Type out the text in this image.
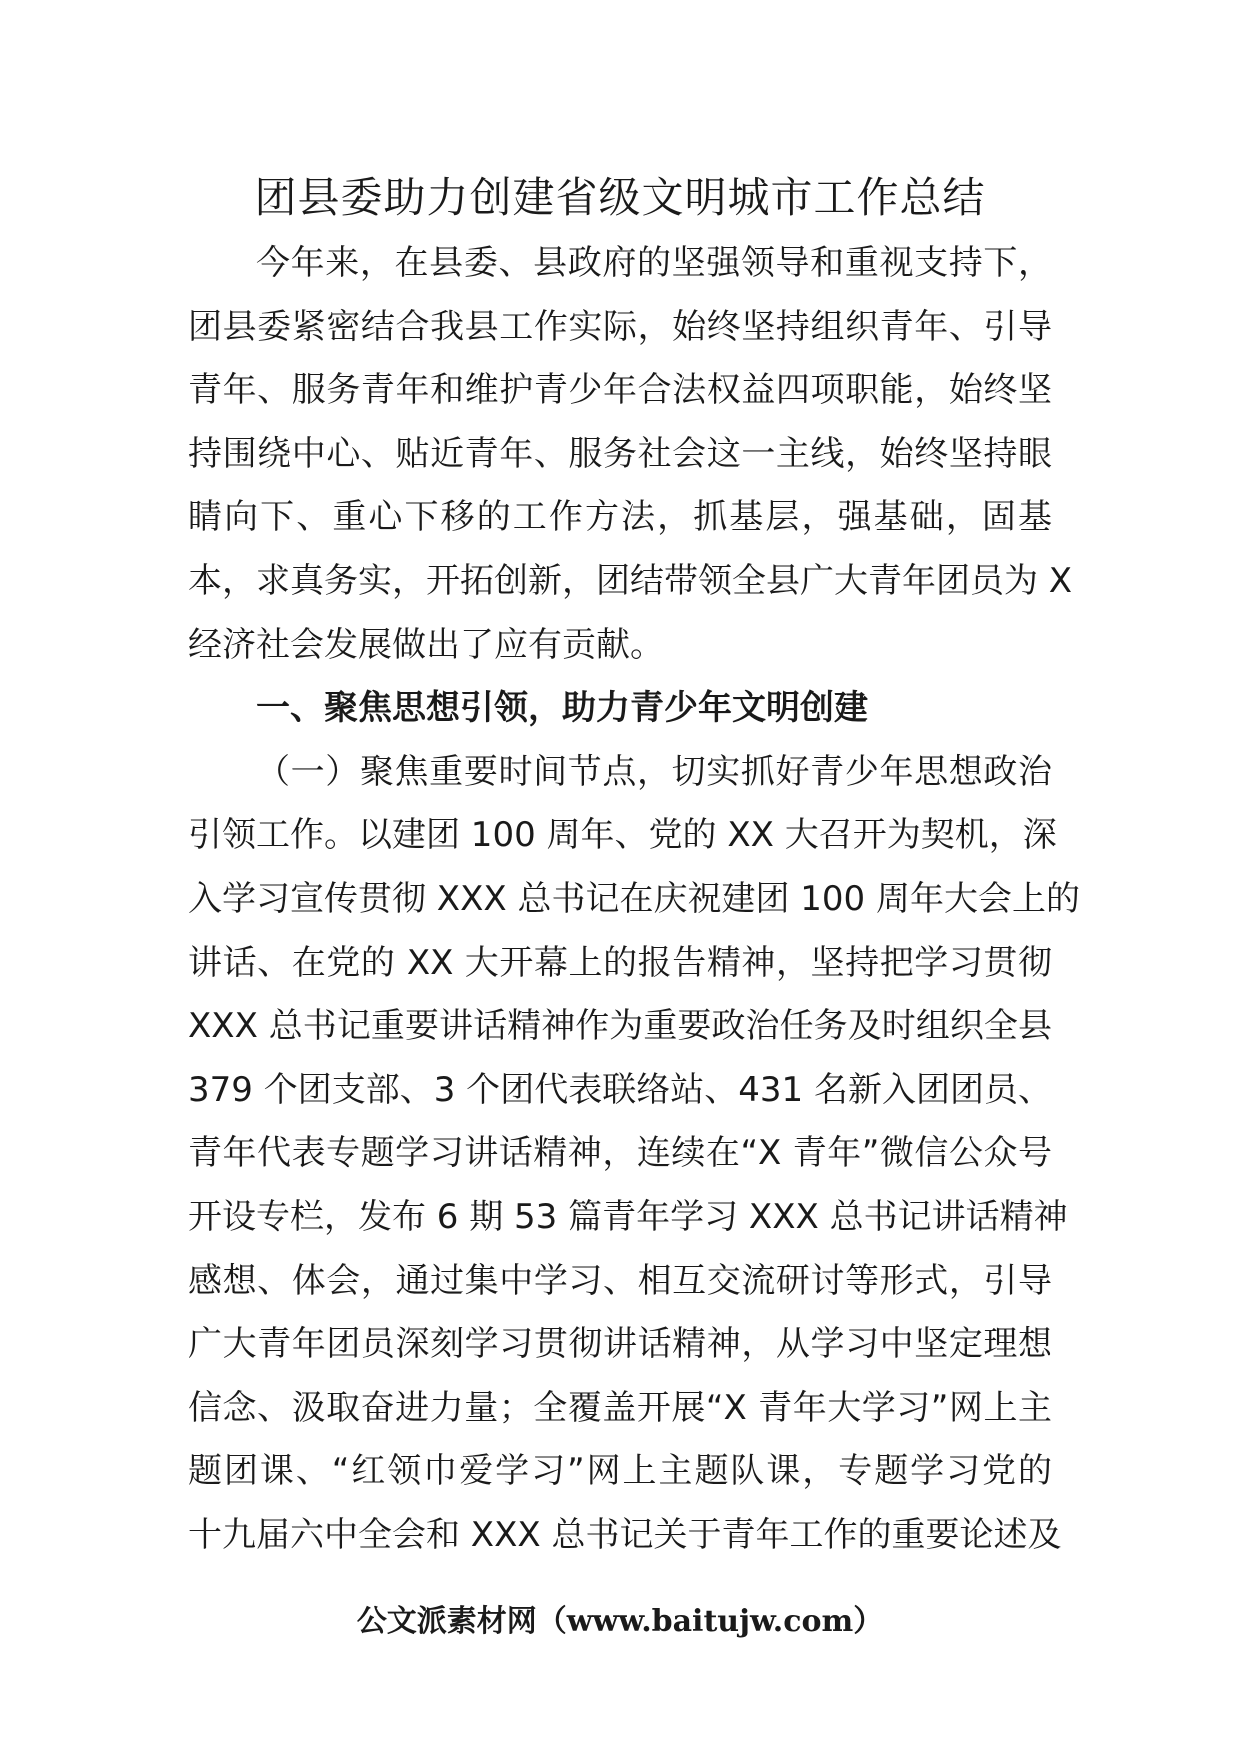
团县委助力创建省级文明城市工作总结
今年来，在县委、县政府的坚强领导和重视支持下，
团县委紧密结合我县工作实际，始终坚持组织青年、引导
青年、服务青年和维护青少年合法权益四项职能，始终坚
持围绕中心、贴近青年、服务社会这一主线，始终坚持眼
睛向下、重心下移的工作方法，抓基层，强基础，固基
本，求真务实，开拓创新，团结带领全县广大青年团员为 X
经济社会发展做出了应有贡献。
一、聚焦思想引领，助力青少年文明创建
（一）聚焦重要时间节点，切实抓好青少年思想政治
引领工作。以建团 100 周年、党的 XX 大召开为契机，深
入学习宣传贯彻 XXX 总书记在庆祝建团 100 周年大会上的
讲话、在党的 XX 大开幕上的报告精神，坚持把学习贯彻
XXX 总书记重要讲话精神作为重要政治任务及时组织全县
379 个团支部、3 个团代表联络站、431 名新入团团员、
青年代表专题学习讲话精神，连续在“X 青年”微信公众号
开设专栏，发布 6 期 53 篇青年学习 XXX 总书记讲话精神
感想、体会，通过集中学习、相互交流研讨等形式，引导
广大青年团员深刻学习贯彻讲话精神，从学习中坚定理想
信念、汲取奋进力量；全覆盖开展“X 青年大学习”网上主
题团课、“红领巾爱学习”网上主题队课，专题学习党的
十九届六中全会和 XXX 总书记关于青年工作的重要论述及
公文派素材网（www.baitujw.com）
